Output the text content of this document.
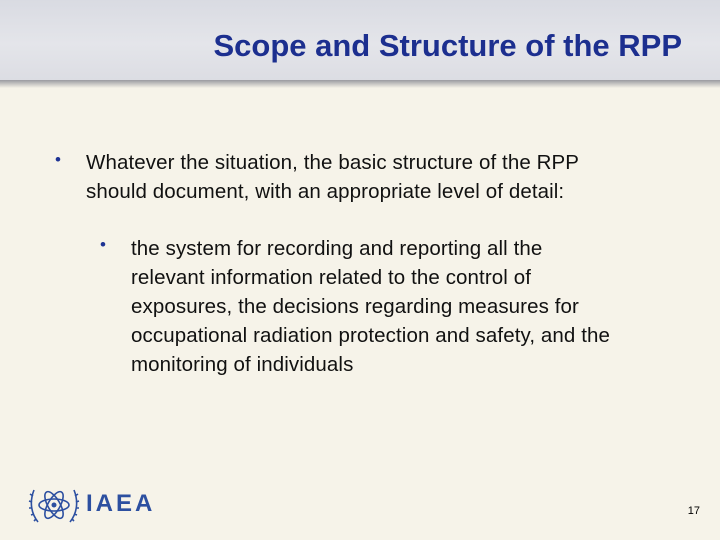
Scope and Structure of the RPP
• Whatever the situation, the basic structure of the RPP
should document, with an appropriate level of detail:
• the system for recording and reporting all the
relevant information related to the control of
exposures, the decisions regarding measures for
occupational radiation protection and safety, and the
monitoring of individuals
IAEA	17
